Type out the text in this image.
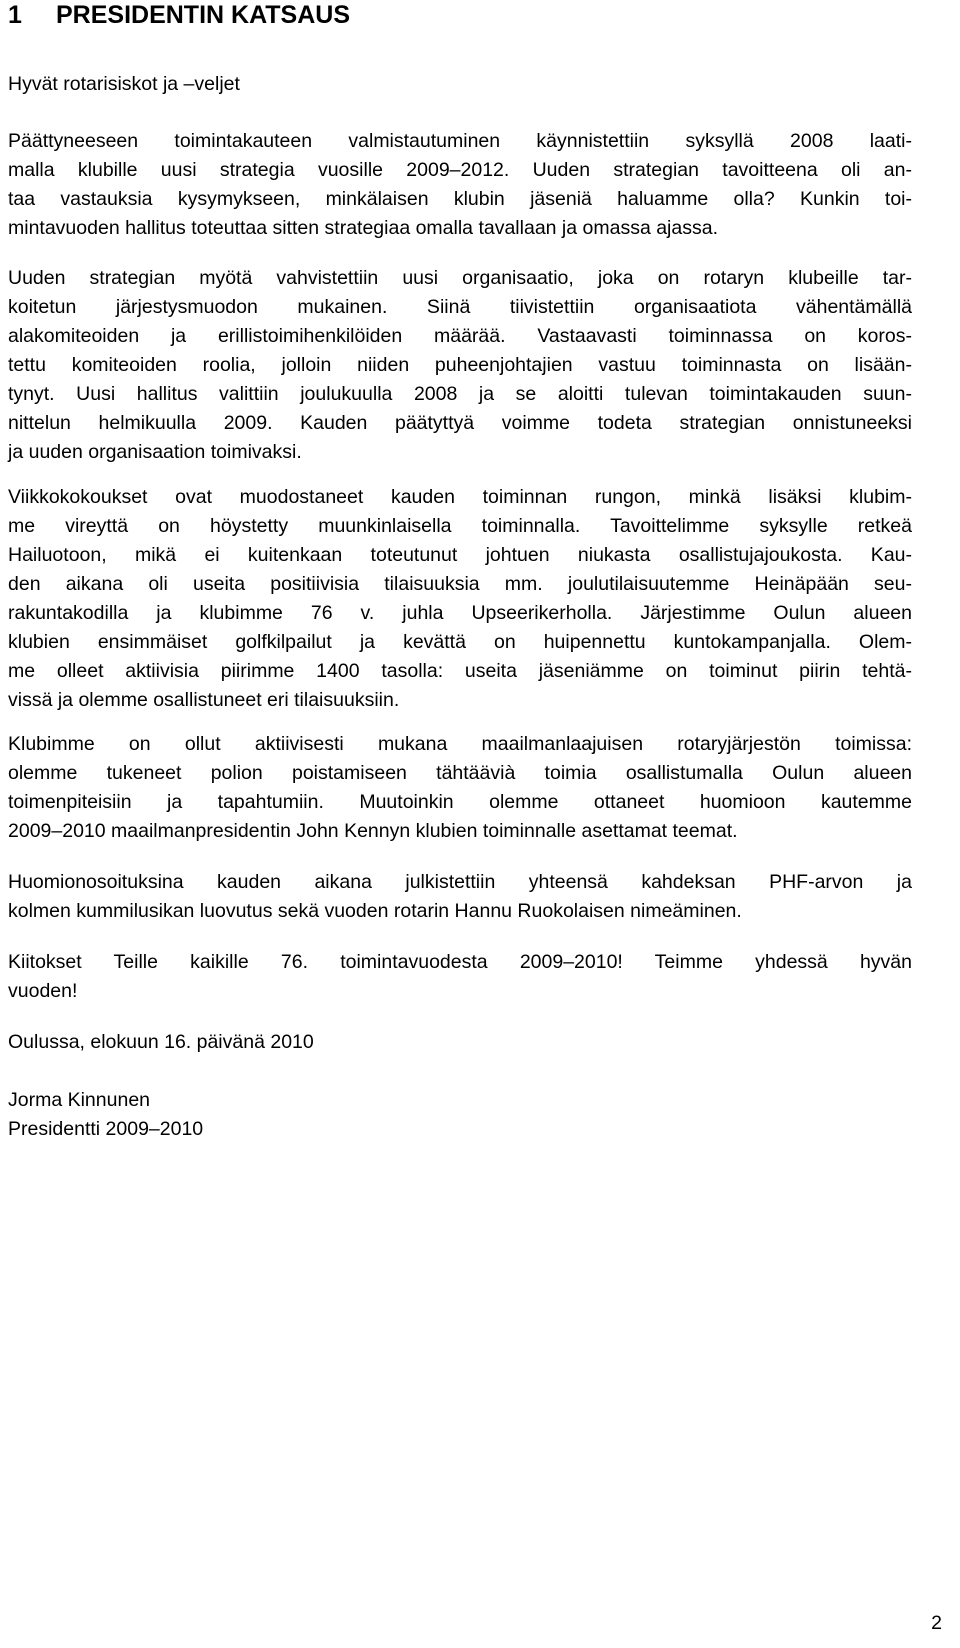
1 PRESIDENTIN KATSAUS
Hyvät rotarisiskot ja –veljet
Päättyneeseen toimintakauteen valmistautuminen käynnistettiin syksyllä 2008 laati-
malla klubille uusi strategia vuosille 2009–2012. Uuden strategian tavoitteena oli an-
taa vastauksia kysymykseen, minkälaisen klubin jäseniä haluamme olla? Kunkin toi-
mintavuoden hallitus toteuttaa sitten strategiaa omalla tavallaan ja omassa ajassa.
Uuden strategian myötä vahvistettiin uusi organisaatio, joka on rotaryn klubeille tar-
koitetun järjestysmuodon mukainen. Siinä tiivistettiin organisaatiota vähentämällä
alakomiteoiden ja erillistoimihenkilöiden määrää. Vastaavasti toiminnassa on koros-
tettu komiteoiden roolia, jolloin niiden puheenjohtajien vastuu toiminnasta on lisään-
tynyt. Uusi hallitus valittiin joulukuulla 2008 ja se aloitti tulevan toimintakauden suun-
nittelun helmikuulla 2009. Kauden päätyttyä voimme todeta strategian onnistuneeksi
ja uuden organisaation toimivaksi.
Viikkokokoukset ovat muodostaneet kauden toiminnan rungon, minkä lisäksi klubim-
me vireyttä on höystetty muunkinlaisella toiminnalla. Tavoittelimme syksylle retkeä
Hailuotoon, mikä ei kuitenkaan toteutunut johtuen niukasta osallistujajoukosta. Kau-
den aikana oli useita positiivisia tilaisuuksia mm. joulutilaisuutemme Heinäpään seu-
rakuntakodilla ja klubimme 76 v. juhla Upseerikerholla. Järjestimme Oulun alueen
klubien ensimmäiset golfkilpailut ja kevättä on huipennettu kuntokampanjalla. Olem-
me olleet aktiivisia piirimme 1400 tasolla: useita jäseniämme on toiminut piirin tehtä-
vissä ja olemme osallistuneet eri tilaisuuksiin.
Klubimme on ollut aktiivisesti mukana maailmanlaajuisen rotaryjärjestön toimissa:
olemme tukeneet polion poistamiseen tähtäävià toimia osallistumalla Oulun alueen
toimenpiteisiin ja tapahtumiin. Muutoinkin olemme ottaneet huomioon kautemme
2009–2010 maailmanpresidentin John Kennyn klubien toiminnalle asettamat teemat.
Huomionosoituksina kauden aikana julkistettiin yhteensä kahdeksan PHF-arvon ja
kolmen kummilusikan luovutus sekä vuoden rotarin Hannu Ruokolaisen nimeäminen.
Kiitokset Teille kaikille 76. toimintavuodesta 2009–2010! Teimme yhdessä hyvän
vuoden!
Oulussa, elokuun 16. päivänä 2010
Jorma Kinnunen
Presidentti 2009–2010
2
